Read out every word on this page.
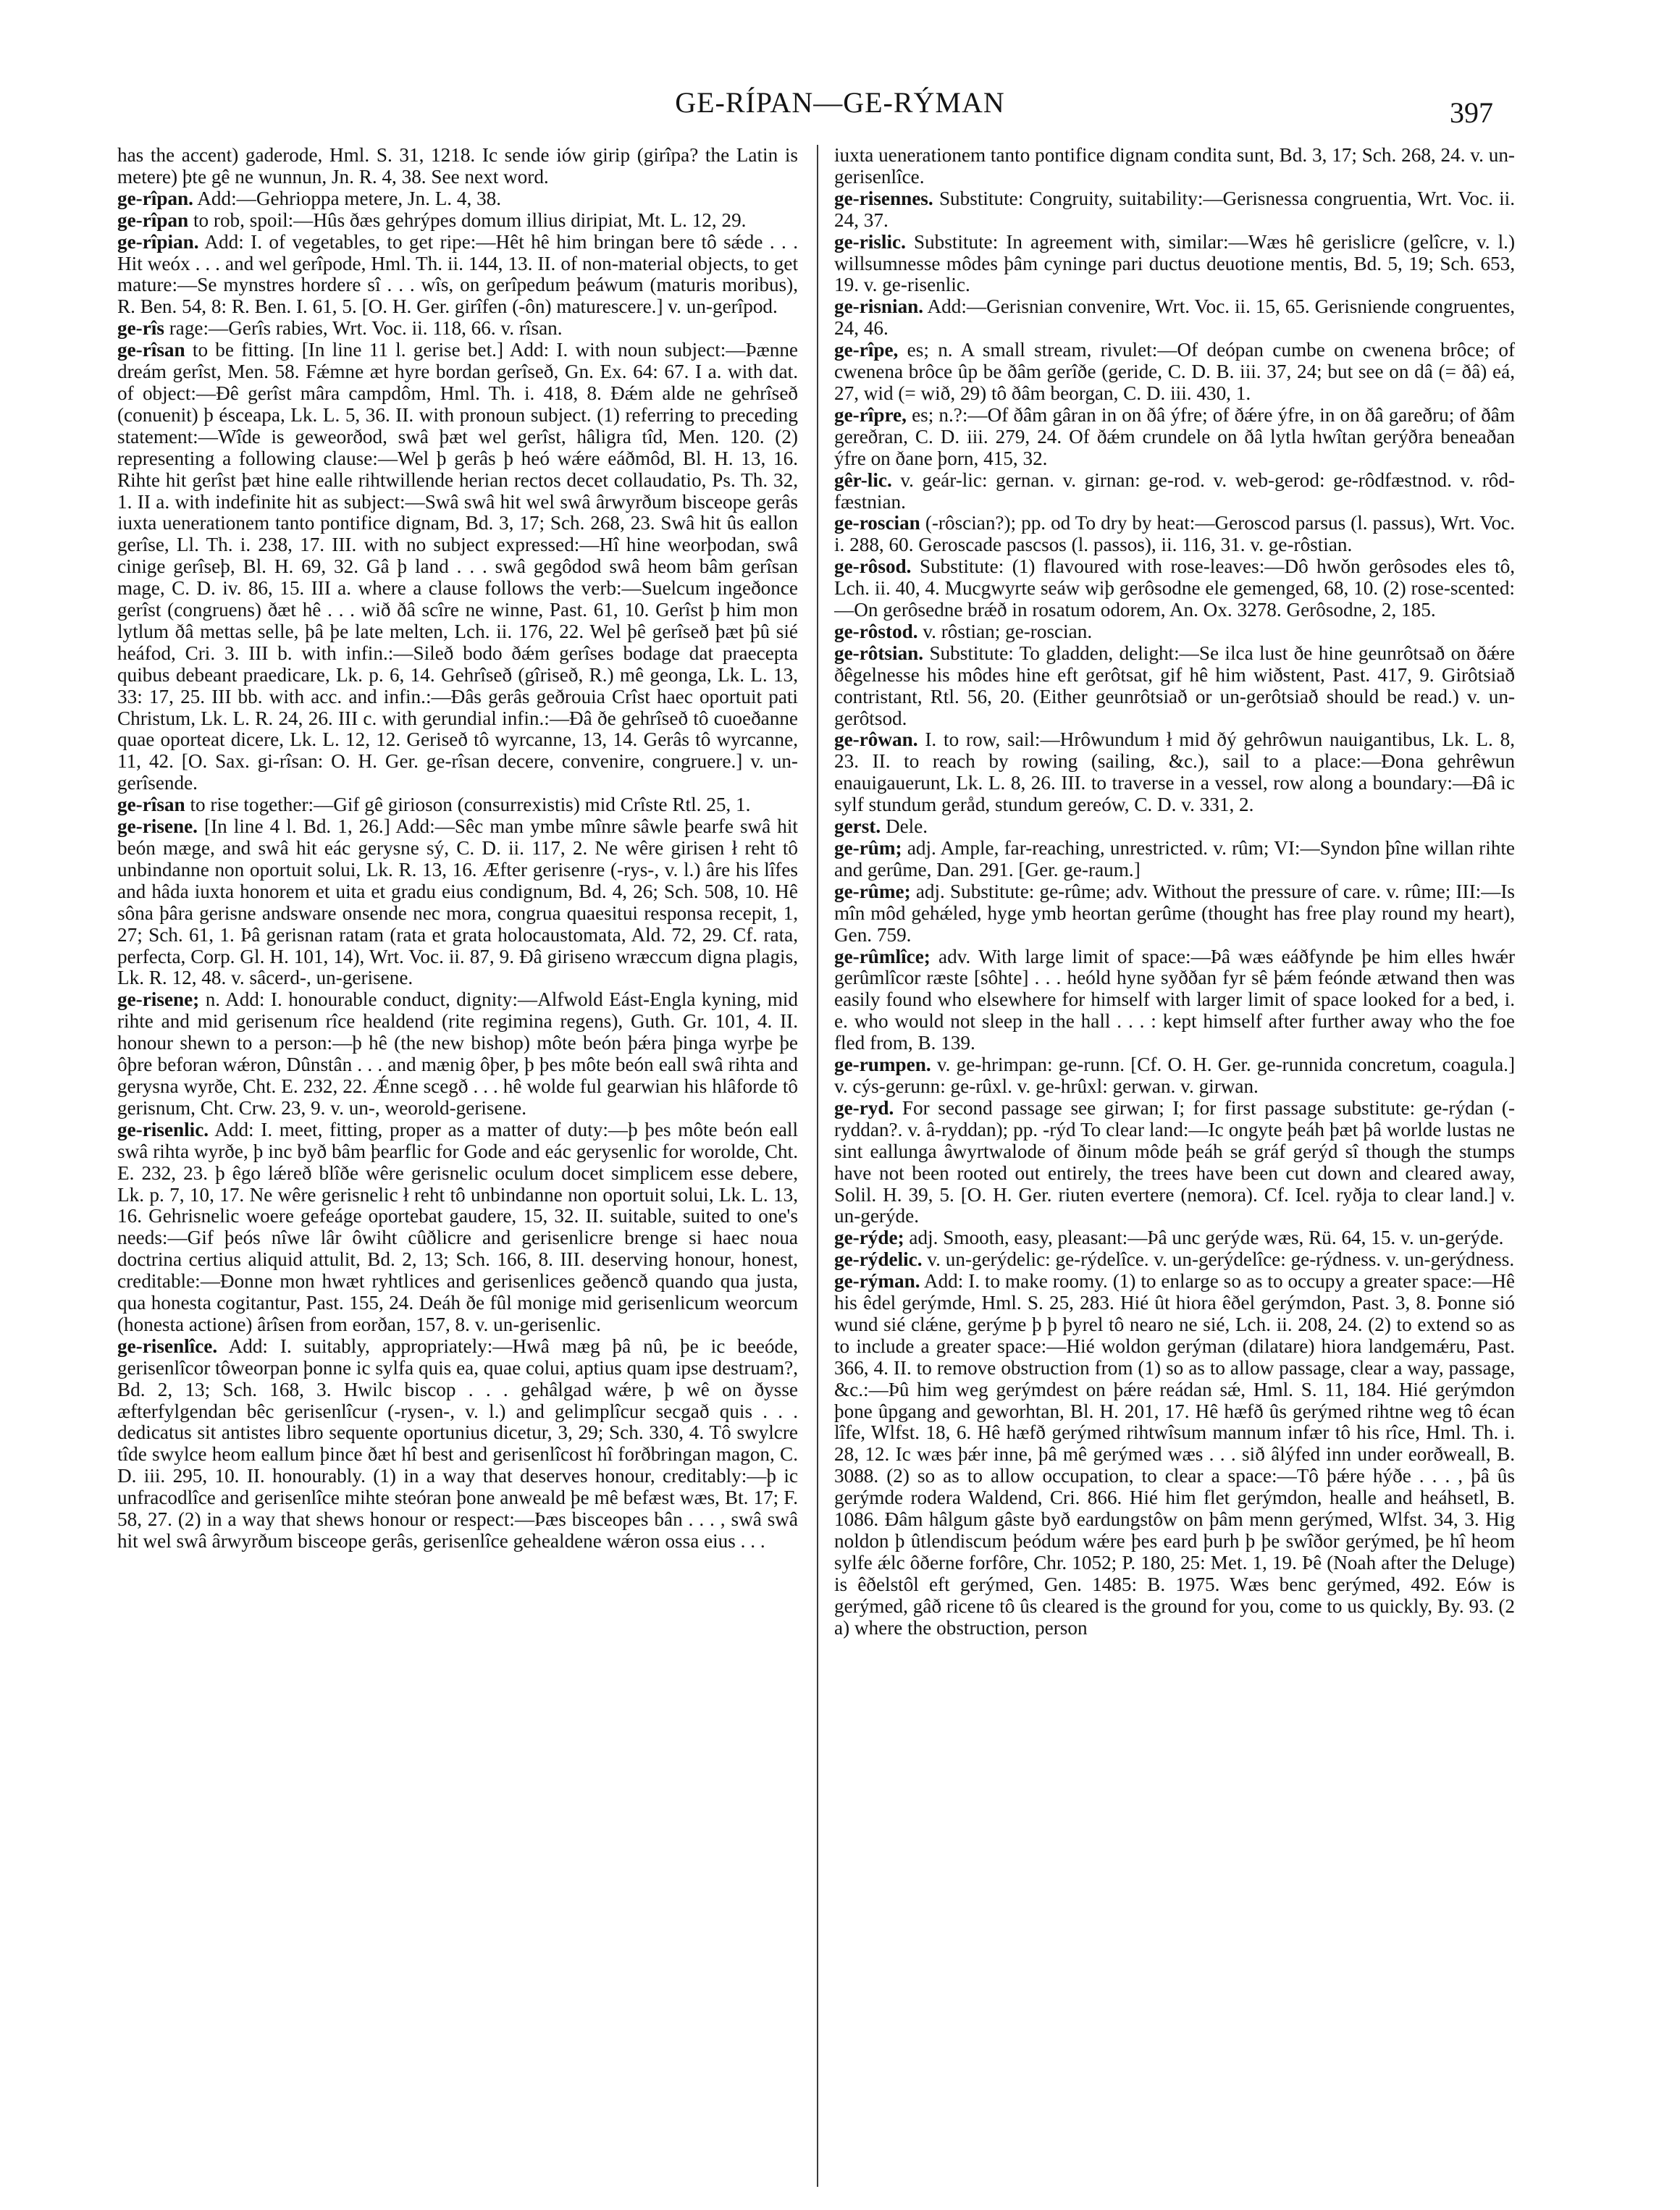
GE-RÍPAN—GE-RÝMAN	397

has the accent) gaderode, Hml. S. 31, 1218. Ic sende iów girip (girîpa? the Latin is metere) þte gê ne wunnun, Jn. R. 4, 38. See next word.

ge-rîpan. Add:—Gehrioppa metere, Jn. L. 4, 38.

ge-rîpan to rob, spoil:—Hûs ðæs gehrýpes domum illius diripiat, Mt. L. 12, 29.

ge-rîpian. Add: I. of vegetables, to get ripe:—Hêt hê him bringan bere tô sǽde . . . Hit weóx . . . and wel gerîpode, Hml. Th. ii. 144, 13. II. of non-material objects, to get mature:—Se mynstres hordere sî . . . wîs, on gerîpedum þeáwum (maturis moribus), R. Ben. 54, 8: R. Ben. I. 61, 5. [O. H. Ger. girîfen (-ôn) maturescere.] v. un-gerîpod.

ge-rîs rage:—Gerîs rabies, Wrt. Voc. ii. 118, 66. v. rîsan.

ge-rîsan to be fitting. [In line 11 l. gerise bet.] Add: I. with noun subject:—Þænne dreám gerîst, Men. 58. Fǽmne æt hyre bordan gerîseð, Gn. Ex. 64: 67. I a. with dat. of object:—Ðê gerîst mâra campdôm, Hml. Th. i. 418, 8. Ðǽm alde ne gehrîseð (conuenit) þ ésceapa, Lk. L. 5, 36. II. with pronoun subject. (1) referring to preceding statement:—Wîde is geweorðod, swâ þæt wel gerîst, hâligra tîd, Men. 120. (2) representing a following clause:—Wel þ gerâs þ heó wǽre eáðmôd, Bl. H. 13, 16. Rihte hit gerîst þæt hine ealle rihtwillende herian rectos decet collaudatio, Ps. Th. 32, 1. II a. with indefinite hit as subject:—Swâ swâ hit wel swâ ârwyrðum bisceope gerâs iuxta uenerationem tanto pontifice dignam, Bd. 3, 17; Sch. 268, 23. Swâ hit ûs eallon gerîse, Ll. Th. i. 238, 17. III. with no subject expressed:—Hî hine weorþodan, swâ cinige gerîseþ, Bl. H. 69, 32. Gâ þ land . . . swâ gegôdod swâ heom bâm gerîsan mage, C. D. iv. 86, 15. III a. where a clause follows the verb:—Suelcum ingeðonce gerîst (congruens) ðæt hê . . . wið ðâ scîre ne winne, Past. 61, 10. Gerîst þ him mon lytlum ðâ mettas selle, þâ þe late melten, Lch. ii. 176, 22. Wel þê gerîseð þæt þû sié heáfod, Cri. 3. III b. with infin.:—Sileð bodo ðǽm gerîses bodage dat praecepta quibus debeant praedicare, Lk. p. 6, 14. Gehrîseð (gîriseð, R.) mê geonga, Lk. L. 13, 33: 17, 25. III bb. with acc. and infin.:—Ðâs gerâs geðrouia Crîst haec oportuit pati Christum, Lk. L. R. 24, 26. III c. with gerundial infin.:—Ðâ ðe gehrîseð tô cuoeðanne quae oporteat dicere, Lk. L. 12, 12. Geriseð tô wyrcanne, 13, 14. Gerâs tô wyrcanne, 11, 42. [O. Sax. gi-rîsan: O. H. Ger. ge-rîsan decere, convenire, congruere.] v. un-gerîsende.

ge-rîsan to rise together:—Gif gê girioson (consurrexistis) mid Crîste Rtl. 25, 1.

ge-risene. [In line 4 l. Bd. 1, 26.] Add:—Sêc man ymbe mînre sâwle þearfe swâ hit beón mæge, and swâ hit eác gerysne sý, C. D. ii. 117, 2. Ne wêre girisen ł reht tô unbindanne non oportuit solui, Lk. R. 13, 16. Æfter gerisenre (-rys-, v. l.) âre his lîfes and hâda iuxta honorem et uita et gradu eius condignum, Bd. 4, 26; Sch. 508, 10. Hê sôna þâra gerisne andsware onsende nec mora, congrua quaesitui responsa recepit, 1, 27; Sch. 61, 1. Þâ gerisnan ratam (rata et grata holocaustomata, Ald. 72, 29. Cf. rata, perfecta, Corp. Gl. H. 101, 14), Wrt. Voc. ii. 87, 9. Ðâ giriseno wræccum digna plagis, Lk. R. 12, 48. v. sâcerd-, un-gerisene.

ge-risene; n. Add: I. honourable conduct, dignity:—Alfwold Eást-Engla kyning, mid rihte and mid gerisenum rîce healdend (rite regimina regens), Guth. Gr. 101, 4. II. honour shewn to a person:—þ hê (the new bishop) môte beón þǽra þinga wyrþe þe ôþre beforan wǽron, Dûnstân . . . and mænig ôþer, þ þes môte beón eall swâ rihta and gerysna wyrðe, Cht. E. 232, 22. Ǽnne scegð . . . hê wolde ful gearwian his hlâforde tô gerisnum, Cht. Crw. 23, 9. v. un-, weorold-gerisene.

ge-risenlic. Add: I. meet, fitting, proper as a matter of duty:—þ þes môte beón eall swâ rihta wyrðe, þ inc byð bâm þearflic for Gode and eác gerysenlic for worolde, Cht. E. 232, 23. þ êgo lǽreð blîðe wêre gerisnelic oculum docet simplicem esse debere, Lk. p. 7, 10, 17. Ne wêre gerisnelic ł reht tô unbindanne non oportuit solui, Lk. L. 13, 16. Gehrisnelic woere gefeáge oportebat gaudere, 15, 32. II. suitable, suited to one's needs:—Gif þeós nîwe lâr ôwiht cûðlicre and gerisenlicre brenge si haec noua doctrina certius aliquid attulit, Bd. 2, 13; Sch. 166, 8. III. deserving honour, honest, creditable:—Ðonne mon hwæt ryhtlices and gerisenlices geðencð quando qua justa, qua honesta cogitantur, Past. 155, 24. Deáh ðe fûl monige mid gerisenlicum weorcum (honesta actione) ârîsen from eorðan, 157, 8. v. un-gerisenlic.

ge-risenlîce. Add: I. suitably, appropriately:—Hwâ mæg þâ nû, þe ic beeóde, gerisenlîcor tôweorpan þonne ic sylfa quis ea, quae colui, aptius quam ipse destruam?, Bd. 2, 13; Sch. 168, 3. Hwilc biscop . . . gehâlgad wǽre, þ wê on ðysse æfterfylgendan bêc gerisenlîcur (-rysen-, v. l.) and gelimplîcur secgað quis . . . dedicatus sit antistes libro sequente oportunius dicetur, 3, 29; Sch. 330, 4. Tô swylcre tîde swylce heom eallum þince ðæt hî best and gerisenlîcost hî forðbringan magon, C. D. iii. 295, 10. II. honourably. (1) in a way that deserves honour, creditably:—þ ic unfracodlîce and gerisenlîce mihte steóran þone anweald þe mê befæst wæs, Bt. 17; F. 58, 27. (2) in a way that shews honour or respect:—Þæs bisceopes bân . . . , swâ swâ hit wel swâ ârwyrðum bisceope gerâs, gerisenlîce gehealdene wǽron ossa eius . . .

iuxta uenerationem tanto pontifice dignam condita sunt, Bd. 3, 17; Sch. 268, 24. v. un-gerisenlîce.

ge-risennes. Substitute: Congruity, suitability:—Gerisnessa congruentia, Wrt. Voc. ii. 24, 37.

ge-rislic. Substitute: In agreement with, similar:—Wæs hê gerislicre (gelîcre, v. l.) willsumnesse môdes þâm cyninge pari ductus deuotione mentis, Bd. 5, 19; Sch. 653, 19. v. ge-risenlic.

ge-risnian. Add:—Gerisnian convenire, Wrt. Voc. ii. 15, 65. Gerisniende congruentes, 24, 46.

ge-rîpe, es; n. A small stream, rivulet:—Of deópan cumbe on cwenena brôce; of cwenena brôce ûp be ðâm gerîðe (geride, C. D. B. iii. 37, 24; but see on dâ (= ðâ) eá, 27, wid (= wið, 29) tô ðâm beorgan, C. D. iii. 430, 1.

ge-rîpre, es; n.?:—Of ðâm gâran in on ðâ ýfre; of ðǽre ýfre, in on ðâ gareðru; of ðâm gereðran, C. D. iii. 279, 24. Of ðǽm crundele on ðâ lytla hwîtan gerýðra beneaðan ýfre on ðane þorn, 415, 32.

gêr-lic. v. geár-lic: gernan. v. girnan: ge-rod. v. web-gerod: ge-rôdfæstnod. v. rôd-fæstnian.

ge-roscian (-rôscian?); pp. od To dry by heat:—Geroscod parsus (l. passus), Wrt. Voc. i. 288, 60. Geroscade pascsos (l. passos), ii. 116, 31. v. ge-rôstian.

ge-rôsod. Substitute: (1) flavoured with rose-leaves:—Dô hwǒn gerôsodes eles tô, Lch. ii. 40, 4. Mucgwyrte seáw wiþ gerôsodne ele gemenged, 68, 10. (2) rose-scented:—On gerôsedne brǽð in rosatum odorem, An. Ox. 3278. Gerôsodne, 2, 185.

ge-rôstod. v. rôstian; ge-roscian.

ge-rôtsian. Substitute: To gladden, delight:—Se ilca lust ðe hine geunrôtsað on ðǽre ðêgelnesse his môdes hine eft gerôtsat, gif hê him wiðstent, Past. 417, 9. Girôtsiað contristant, Rtl. 56, 20. (Either geunrôtsiað or un-gerôtsiað should be read.) v. un-gerôtsod.

ge-rôwan. I. to row, sail:—Hrôwundum ł mid ðý gehrôwun nauigantibus, Lk. L. 8, 23. II. to reach by rowing (sailing, &c.), sail to a place:—Ðona gehrêwun enauigauerunt, Lk. L. 8, 26. III. to traverse in a vessel, row along a boundary:—Ðâ ic sylf stundum geråd, stundum gereów, C. D. v. 331, 2.

gerst. Dele.

ge-rûm; adj. Ample, far-reaching, unrestricted. v. rûm; VI:—Syndon þîne willan rihte and gerûme, Dan. 291. [Ger. ge-raum.]

ge-rûme; adj. Substitute: ge-rûme; adv. Without the pressure of care. v. rûme; III:—Is mîn môd gehǽled, hyge ymb heortan gerûme (thought has free play round my heart), Gen. 759.

ge-rûmlîce; adv. With large limit of space:—Þâ wæs eáðfynde þe him elles hwǽr gerûmlîcor ræste [sôhte] . . . heóld hyne syððan fyr sê þǽm feónde ætwand then was easily found who elsewhere for himself with larger limit of space looked for a bed, i. e. who would not sleep in the hall . . . : kept himself after further away who the foe fled from, B. 139.

ge-rumpen. v. ge-hrimpan: ge-runn. [Cf. O. H. Ger. ge-runnida concretum, coagula.] v. cýs-gerunn: ge-rûxl. v. ge-hrûxl: gerwan. v. girwan.

ge-ryd. For second passage see girwan; I; for first passage substitute: ge-rýdan (-ryddan?. v. â-ryddan); pp. -rýd To clear land:—Ic ongyte þeáh þæt þâ worlde lustas ne sint eallunga âwyrtwalode of ðinum môde þeáh se gráf gerýd sî though the stumps have not been rooted out entirely, the trees have been cut down and cleared away, Solil. H. 39, 5. [O. H. Ger. riuten evertere (nemora). Cf. Icel. ryðja to clear land.] v. un-gerýde.

ge-rýde; adj. Smooth, easy, pleasant:—Þâ unc gerýde wæs, Rü. 64, 15. v. un-gerýde.

ge-rýdelic. v. un-gerýdelic: ge-rýdelîce. v. un-gerýdelîce: ge-rýdness. v. un-gerýdness.

ge-rýman. Add: I. to make roomy. (1) to enlarge so as to occupy a greater space:—Hê his êdel gerýmde, Hml. S. 25, 283. Hié ût hiora êðel gerýmdon, Past. 3, 8. Þonne sió wund sié clǽne, gerýme þ þ þyrel tô nearo ne sié, Lch. ii. 208, 24. (2) to extend so as to include a greater space:—Hié woldon gerýman (dilatare) hiora landgemǽru, Past. 366, 4. II. to remove obstruction from (1) so as to allow passage, clear a way, passage, &c.:—Þû him weg gerýmdest on þǽre reádan sǽ, Hml. S. 11, 184. Hié gerýmdon þone ûpgang and geworhtan, Bl. H. 201, 17. Hê hæfð ûs gerýmed rihtne weg tô écan lîfe, Wlfst. 18, 6. Hê hæfð gerýmed rihtwîsum mannum infær tô his rîce, Hml. Th. i. 28, 12. Ic wæs þǽr inne, þâ mê gerýmed wæs . . . sið âlýfed inn under eorðweall, B. 3088. (2) so as to allow occupation, to clear a space:—Tô þǽre hýðe . . . , þâ ûs gerýmde rodera Waldend, Cri. 866. Hié him flet gerýmdon, healle and heáhsetl, B. 1086. Ðâm hâlgum gâste byð eardungstôw on þâm menn gerýmed, Wlfst. 34, 3. Hig noldon þ ûtlendiscum þeódum wǽre þes eard þurh þ þe swîðor gerýmed, þe hî heom sylfe ǽlc ôðerne forfôre, Chr. 1052; P. 180, 25: Met. 1, 19. Þê (Noah after the Deluge) is êðelstôl eft gerýmed, Gen. 1485: B. 1975. Wæs benc gerýmed, 492. Eów is gerýmed, gâð ricene tô ûs cleared is the ground for you, come to us quickly, By. 93. (2 a) where the obstruction, person
